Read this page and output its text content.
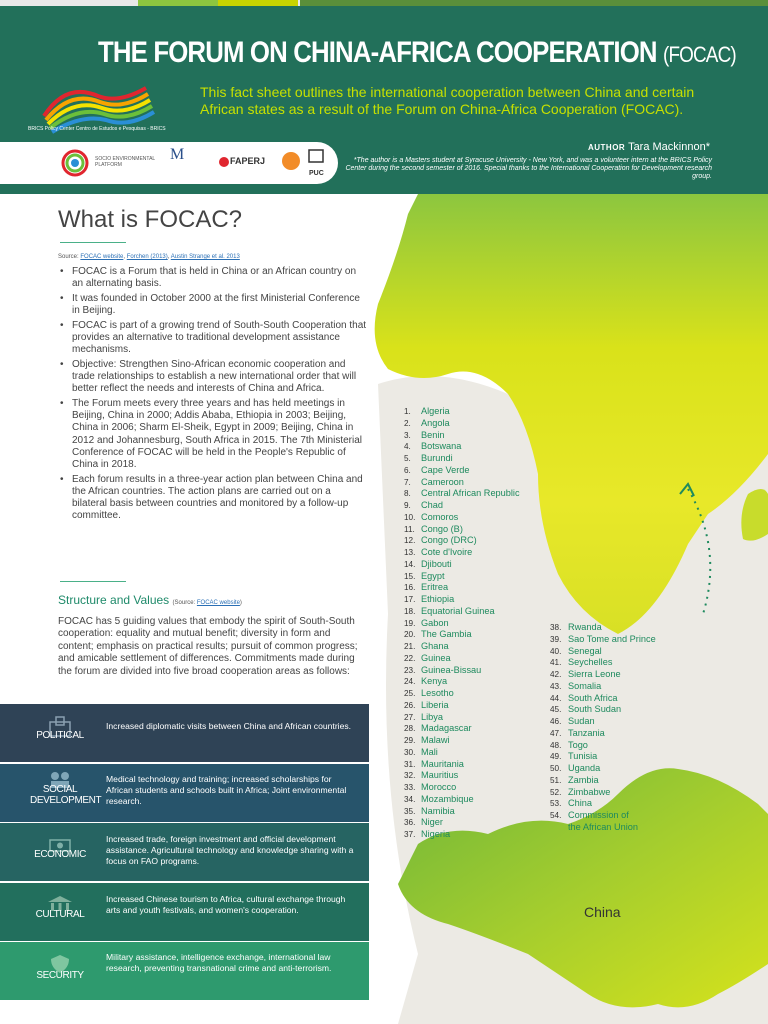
THE FORUM ON CHINA-AFRICA COOPERATION (FOCAC)
BRICS Policy Center Centro de Estudos e Pesquisas - BRICS
This fact sheet outlines the international cooperation between China and certain African states as a result of the Forum on China-Africa Cooperation (FOCAC).
AUTHOR Tara Mackinnon*
*The author is a Masters student at Syracuse University - New York, and was a volunteer intern at the BRICS Policy Center during the second semester of 2016. Special thanks to the International Cooperation for Development research group.
SOCIO ENVIRONMENTAL PLATFORM
M	FAPERJ
PUC
What is FOCAC?
Source: FOCAC website, Forchen (2013), Austin Strange et al. 2013
• FOCAC is a Forum that is held in China or an African country on an alternating basis.
• It was founded in October 2000 at the first Ministerial Conference in Beijing.
• FOCAC is part of a growing trend of South-South Cooperation that provides an alternative to traditional development assistance mechanisms.
• Objective: Strengthen Sino-African economic cooperation and trade relationships to establish a new international order that will better reflect the needs and interests of China and Africa.
• The Forum meets every three years and has held meetings in Beijing, China in 2000; Addis Ababa, Ethiopia in 2003; Beijing, China in 2006; Sharm El-Sheik, Egypt in 2009; Beijing, China in 2012 and Johannesburg, South Africa in 2015. The 7th Ministerial Conference of FOCAC will be held in the People's Republic of China in 2018.
• Each forum results in a three-year action plan between China and the African countries. The action plans are carried out on a bilateral basis between countries and monitored by a follow-up committee.
Structure and Values (Source: FOCAC website)
FOCAC has 5 guiding values that embody the spirit of South-South cooperation: equality and mutual benefit; diversity in form and content; emphasis on practical results; pursuit of common progress; and amicable settlement of differences. Commitments made during the forum are divided into five broad cooperation areas as follows:
POLITICAL
Increased diplomatic visits between China and African countries.
SOCIAL DEVELOPMENT
Medical technology and training; increased scholarships for African students and schools built in Africa; Joint environmental research.
ECONOMIC
Increased trade, foreign investment and official development assistance. Agricultural technology and knowledge sharing with a focus on FAO programs.
CULTURAL
Increased Chinese tourism to Africa, cultural exchange through arts and youth festivals, and women's cooperation.
SECURITY
Military assistance, intelligence exchange, international law research, preventing transnational crime and anti-terrorism.
1. Algeria
2. Angola
3. Benin
4. Botswana
5. Burundi
6. Cape Verde
7. Cameroon
8. Central African Republic
9. Chad
10. Comoros
11. Congo (B)
12. Congo (DRC)
13. Cote d'Ivoire
14. Djibouti
15. Egypt
16. Eritrea
17. Ethiopia
18. Equatorial Guinea
19. Gabon
20. The Gambia
21. Ghana
22. Guinea
23. Guinea-Bissau
24. Kenya
25. Lesotho
26. Liberia
27. Libya
28. Madagascar
29. Malawi
30. Mali
31. Mauritania
32. Mauritius
33. Morocco
34. Mozambique
35. Namibia
36. Niger
37. Nigeria
38. Rwanda
39. Sao Tome and Prince
40. Senegal
41. Seychelles
42. Sierra Leone
43. Somalia
44. South Africa
45. South Sudan
46. Sudan
47. Tanzania
48. Togo
49. Tunisia
50. Uganda
51. Zambia
52. Zimbabwe
53. China
54. Commission of
the African Union
China
